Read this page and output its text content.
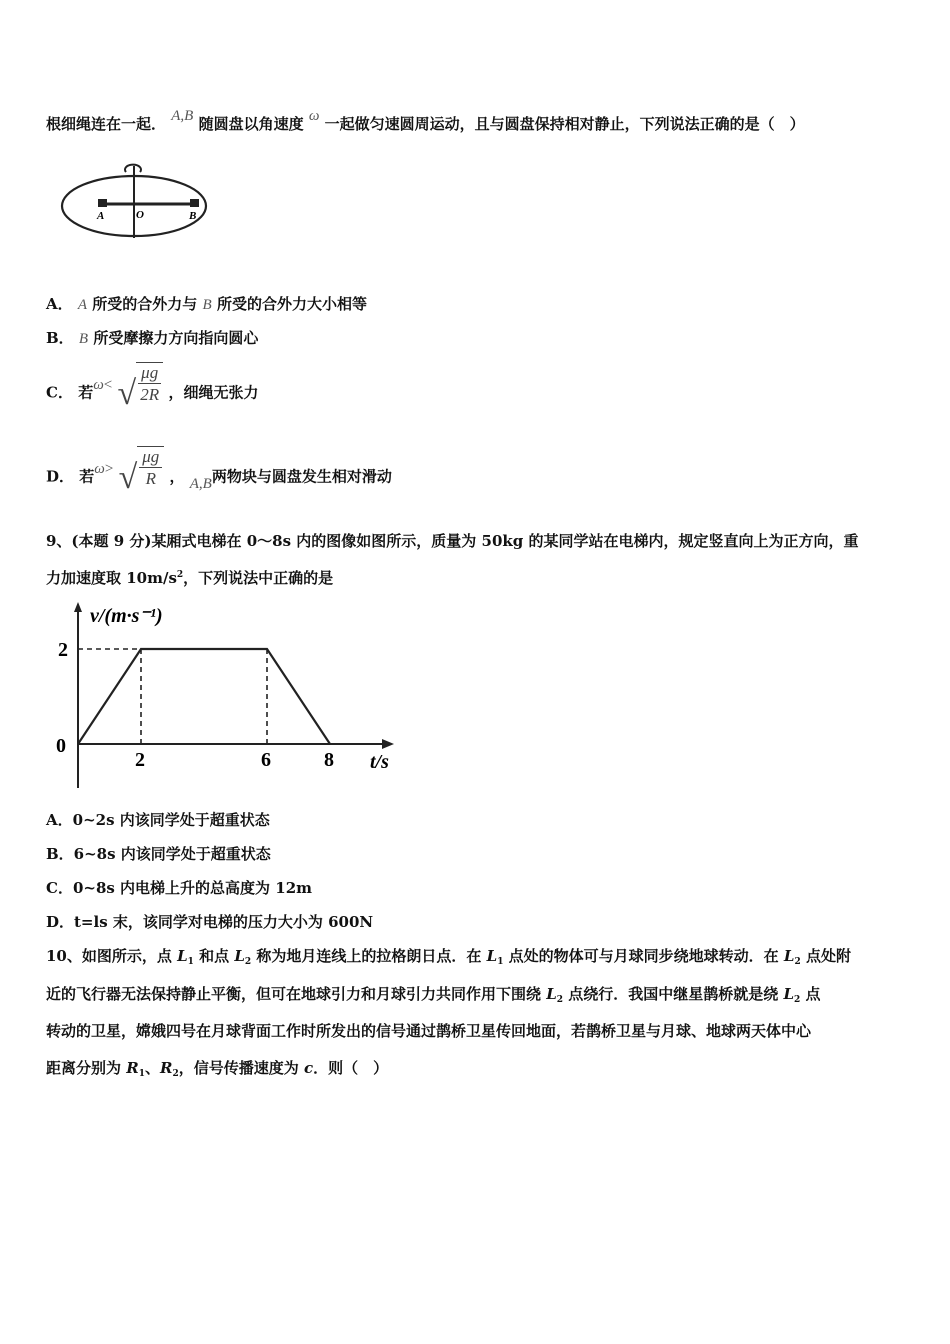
根细绳连在一起． A,B 随圆盘以角速度 ω 一起做匀速圆周运动，且与圆盘保持相对静止，下列说法正确的是（　）
A	O	B
A． A 所受的合外力与 B 所受的合外力大小相等
B． B 所受摩擦力方向指向圆心
C． 若ω< √ $\frac{\mu g}{2R}$ ，细绳无张力
D． 若ω> √ $\frac{\mu g}{R}$ ， A,B两物块与圆盘发生相对滑动
9、(本题 9 分)某厢式电梯在 0～8s 内的图像如图所示，质量为 50kg 的某同学站在电梯内，规定竖直向上为正方向，重
力加速度取 $10m/s^2$，下列说法中正确的是
v/(m·s⁻¹)
t/s
0
2	6	8
2
A．0~2s 内该同学处于超重状态
B．6~8s 内该同学处于超重状态
C．0~8s 内电梯上升的总高度为 12m
D．t=ls 末，该同学对电梯的压力大小为 600N
10、如图所示，点 $L_1$ 和点 $L_2$ 称为地月连线上的拉格朗日点．在 $L_1$ 点处的物体可与月球同步绕地球转动．在 $L_2$ 点处附
近的飞行器无法保持静止平衡，但可在地球引力和月球引力共同作用下围绕 $L_2$ 点绕行．我国中继星鹊桥就是绕 $L_2$ 点
转动的卫星，嫦娥四号在月球背面工作时所发出的信号通过鹊桥卫星传回地面，若鹊桥卫星与月球、地球两天体中心
距离分别为 $R_1$、$R_2$，信号传播速度为 c．则（　）
